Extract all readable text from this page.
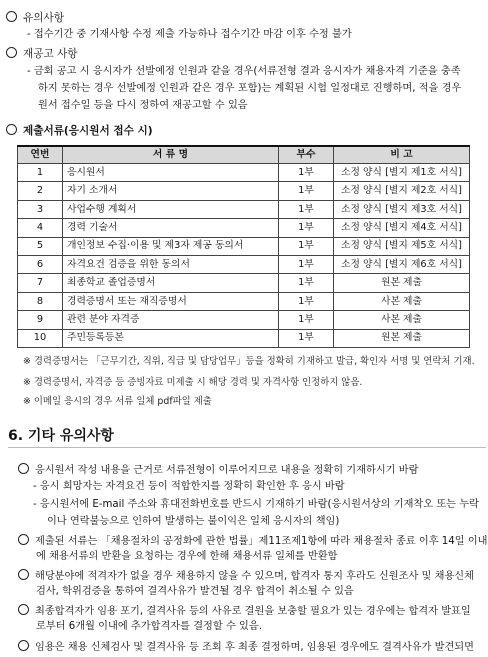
유의사항
- 접수기간 중 기재사항 수정 제출 가능하나 접수기간 마감 이후 수정 불가
재공고 사항
- 금회 공고 시 응시자가 선발예정 인원과 같을 경우(서류전형 결과 응시자가 채용자격 기준을 충족
하지 못하는 경우 선발예정 인원과 같은 경우 포함)는 계획된 시험 일정대로 진행하며, 적을 경우
원서 접수일 등을 다시 정하여 재공고할 수 있음
제출서류(응시원서 접수 시)
연번	서 류 명	부수	비 고
1	응시원서	1부	소정 양식 [별지 제1호 서식]
2	자기 소개서	1부	소정 양식 [별지 제2호 서식]
3	사업수행 계획서	1부	소정 양식 [별지 제3호 서식]
4	경력 기술서	1부	소정 양식 [별지 제4호 서식]
5	개인정보 수집·이용 및 제3자 제공 동의서	1부	소정 양식 [별지 제5호 서식]
6	자격요건 검증을 위한 동의서	1부	소정 양식 [별지 제6호 서식]
7	최종학교 졸업증명서	1부	원본 제출
8	경력증명서 또는 재직증명서	1부	사본 제출
9	관련 분야 자격증	1부	사본 제출
10	주민등록등본	1부	원본 제출
※ 경력증명서는 「근무기간, 직위, 직급 및 담당업무」등을 정확히 기재하고 발급, 확인자 서명 및 연락처 기재.
※ 경력증명서, 자격증 등 증빙자료 미제출 시 해당 경력 및 자격사항 인정하지 않음.
※ 이메일 응시의 경우 서류 일체 pdf파일 제출
6. 기타 유의사항
응시원서 작성 내용을 근거로 서류전형이 이루어지므로 내용을 정확히 기재하시기 바람
- 응시 희망자는 자격요건 등이 적합한지를 정확히 확인한 후 응시 바람
- 응시원서에 E-mail 주소와 휴대전화번호를 반드시 기재하기 바람(응시원서상의 기재착오 또는 누락
이나 연락불능으로 인하여 발생하는 불이익은 일체 응시자의 책임)
제출된 서류는 「채용절차의 공정화에 관한 법률」제11조제1항에 따라 채용절차 종료 이후 14일 이내
에 채용서류의 반환을 요청하는 경우에 한해 채용서류 일체를 반환함
해당분야에 적격자가 없을 경우 채용하지 않을 수 있으며, 합격자 통지 후라도 신원조사 및 채용신체
검사, 학위검증을 통하여 결격사유가 발견될 경우 합격이 취소될 수 있음
최종합격자가 임용 포기, 결격사유 등의 사유로 결원을 보충할 필요가 있는 경우에는 합격자 발표일
로부터 6개월 이내에 추가합격자를 결정할 수 있음.
임용은 채용 신체검사 및 결격사유 등 조회 후 최종 결정하며, 임용된 경우에도 결격사유가 발견되면
